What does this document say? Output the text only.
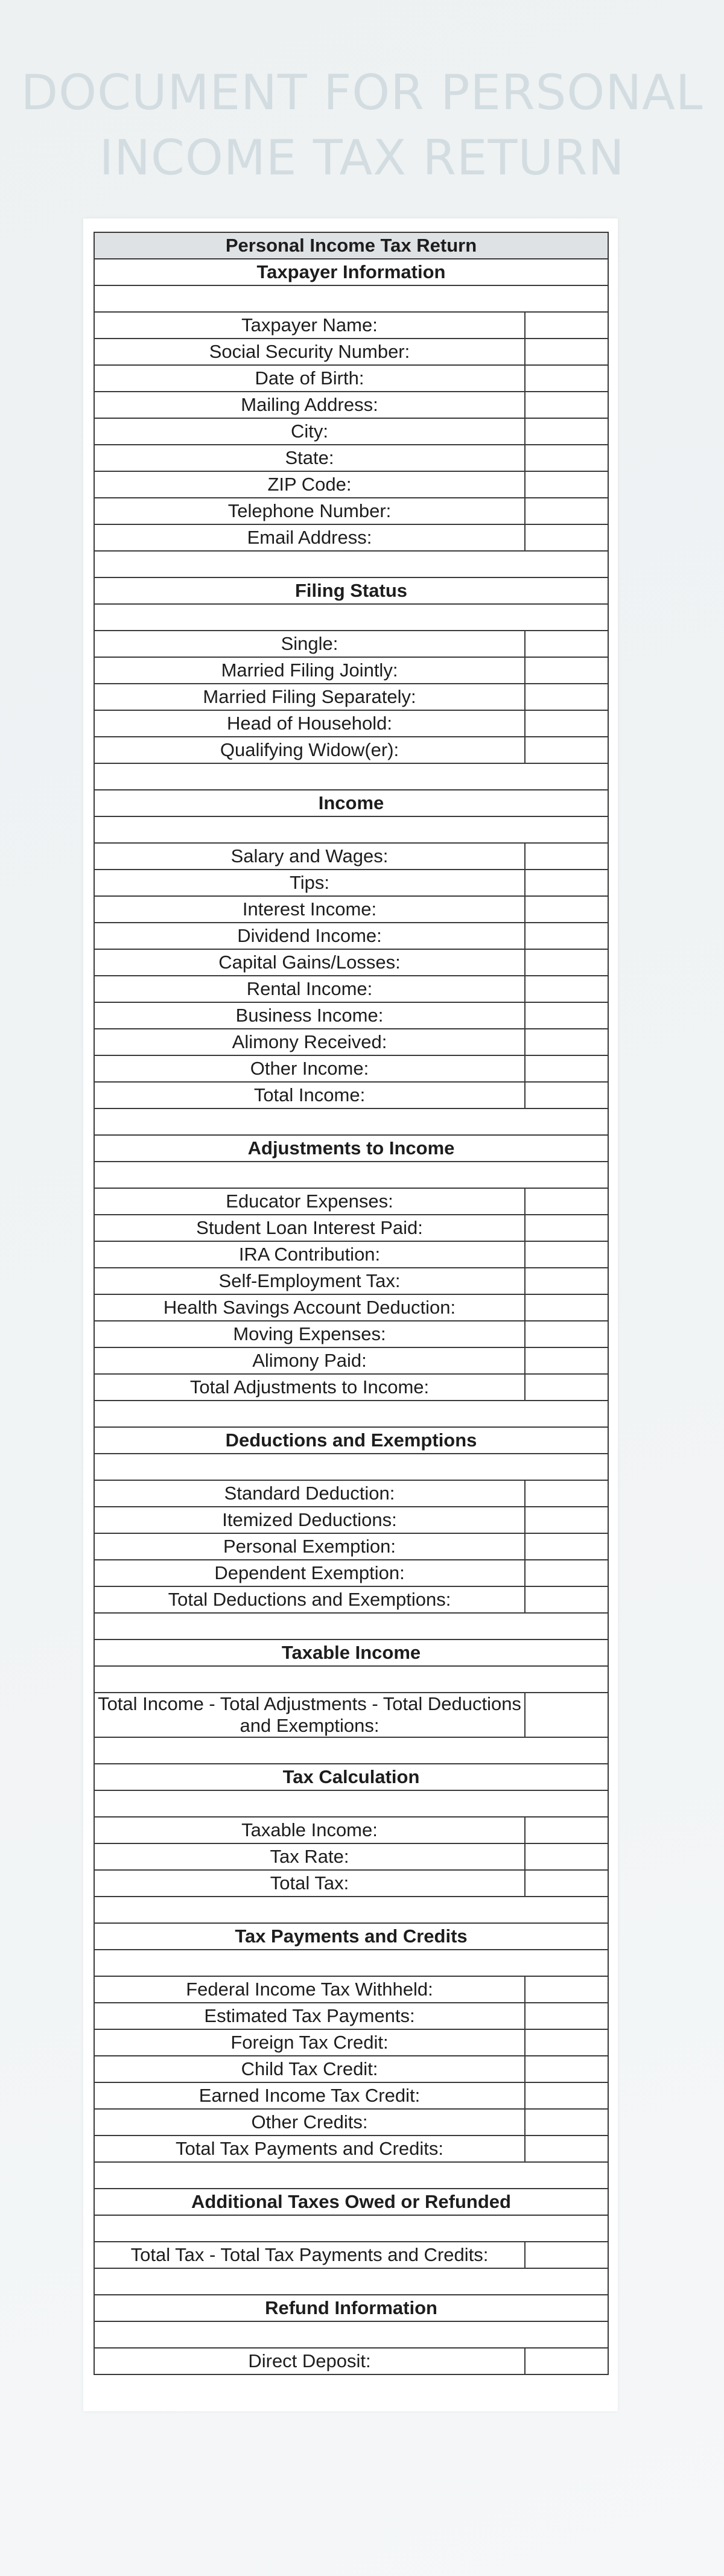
DOCUMENT FOR PERSONAL
INCOME TAX RETURN
Personal Income Tax Return	
Taxpayer Information	

Taxpayer Name:	
Social Security Number:	
Date of Birth:	
Mailing Address:	
City:	
State:	
ZIP Code:	
Telephone Number:	
Email Address:	

Filing Status	

Single:	
Married Filing Jointly:	
Married Filing Separately:	
Head of Household:	
Qualifying Widow(er):	

Income	

Salary and Wages:	
Tips:	
Interest Income:	
Dividend Income:	
Capital Gains/Losses:	
Rental Income:	
Business Income:	
Alimony Received:	
Other Income:	
Total Income:	

Adjustments to Income	

Educator Expenses:	
Student Loan Interest Paid:	
IRA Contribution:	
Self-Employment Tax:	
Health Savings Account Deduction:	
Moving Expenses:	
Alimony Paid:	
Total Adjustments to Income:	

Deductions and Exemptions	

Standard Deduction:	
Itemized Deductions:	
Personal Exemption:	
Dependent Exemption:	
Total Deductions and Exemptions:	

Taxable Income	

Total Income - Total Adjustments - Total Deductions and Exemptions:	

Tax Calculation	

Taxable Income:	
Tax Rate:	
Total Tax:	

Tax Payments and Credits	

Federal Income Tax Withheld:	
Estimated Tax Payments:	
Foreign Tax Credit:	
Child Tax Credit:	
Earned Income Tax Credit:	
Other Credits:	
Total Tax Payments and Credits:	

Additional Taxes Owed or Refunded	

Total Tax - Total Tax Payments and Credits:	

Refund Information	

Direct Deposit:	
